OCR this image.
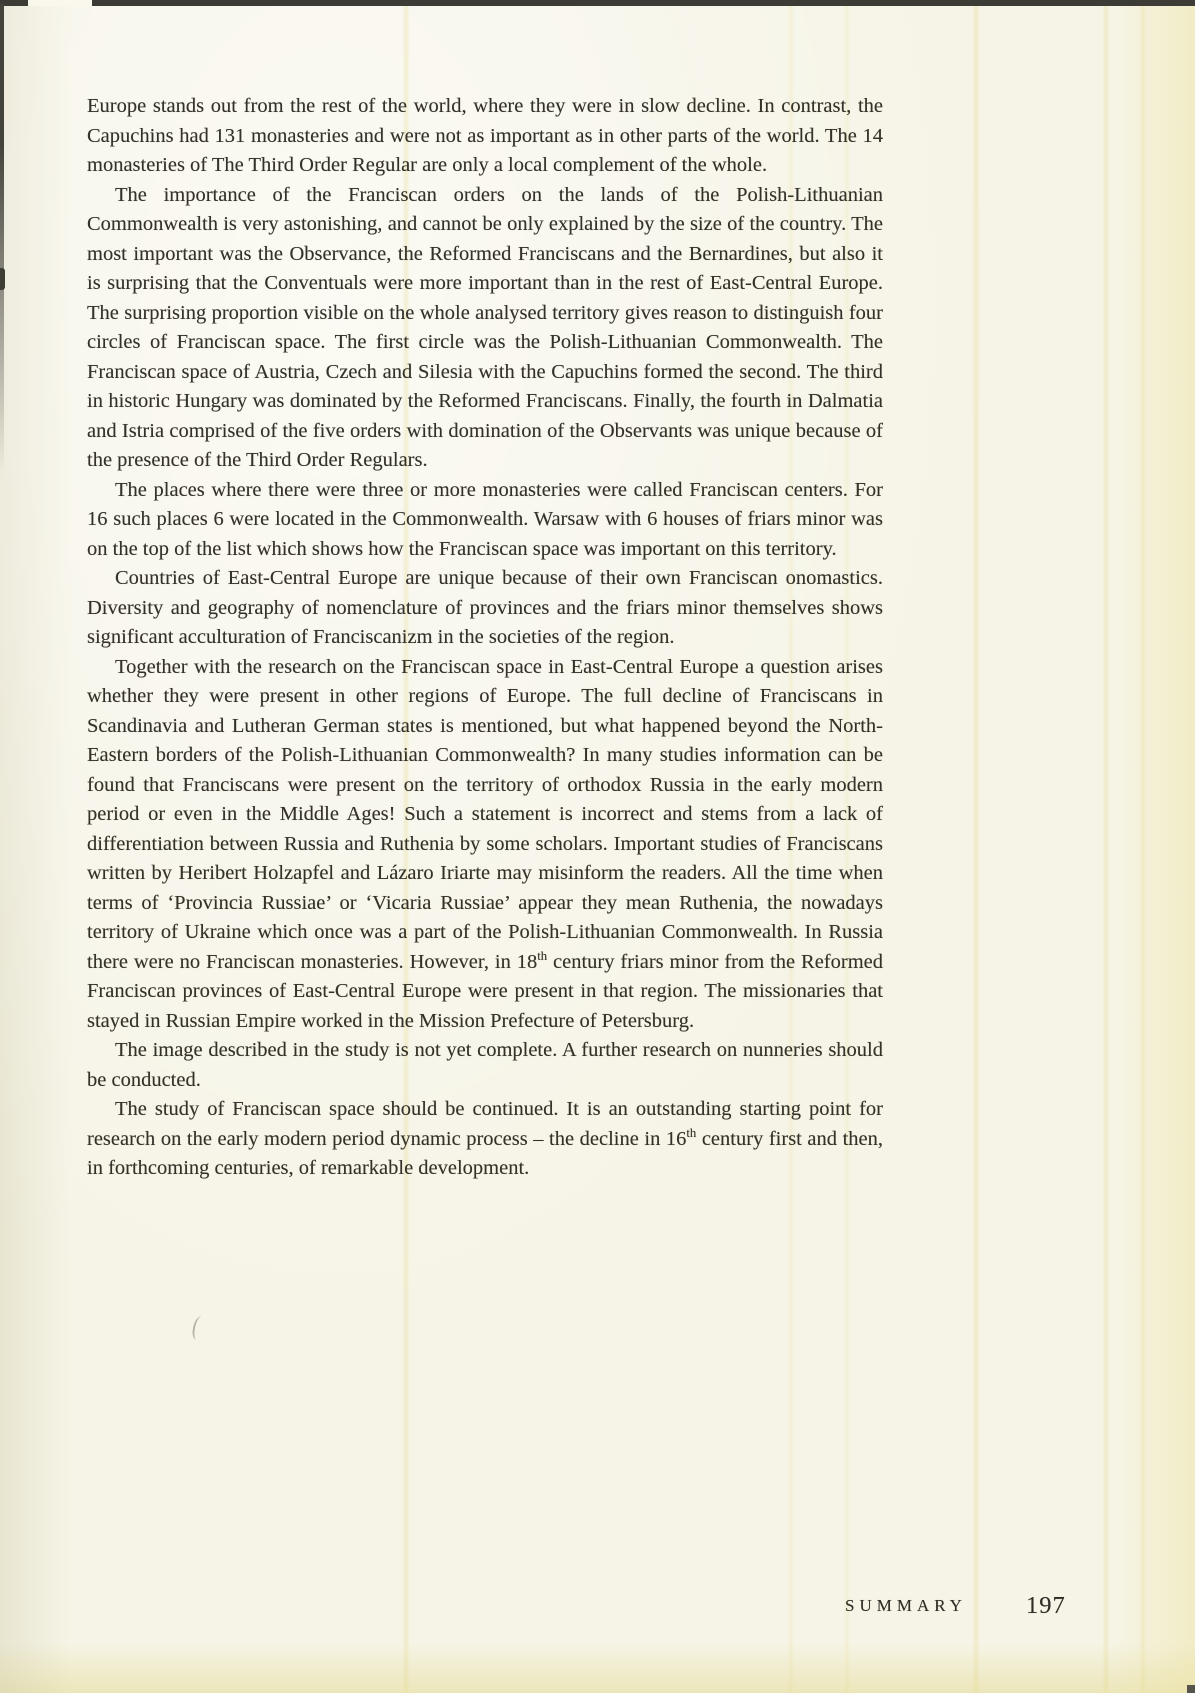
Europe stands out from the rest of the world, where they were in slow decline. In contrast, the Capuchins had 131 monasteries and were not as important as in other parts of the world. The 14 monasteries of The Third Order Regular are only a local complement of the whole.

The importance of the Franciscan orders on the lands of the Polish-Lithuanian Commonwealth is very astonishing, and cannot be only explained by the size of the country. The most important was the Observance, the Reformed Franciscans and the Bernardines, but also it is surprising that the Conventuals were more important than in the rest of East-Central Europe. The surprising proportion visible on the whole analysed territory gives reason to distinguish four circles of Franciscan space. The first circle was the Polish-Lithuanian Commonwealth. The Franciscan space of Austria, Czech and Silesia with the Capuchins formed the second. The third in historic Hungary was dominated by the Reformed Franciscans. Finally, the fourth in Dalmatia and Istria comprised of the five orders with domination of the Observants was unique because of the presence of the Third Order Regulars.

The places where there were three or more monasteries were called Franciscan centers. For 16 such places 6 were located in the Commonwealth. Warsaw with 6 houses of friars minor was on the top of the list which shows how the Franciscan space was important on this territory.

Countries of East-Central Europe are unique because of their own Franciscan onomastics. Diversity and geography of nomenclature of provinces and the friars minor themselves shows significant acculturation of Franciscanizm in the societies of the region.

Together with the research on the Franciscan space in East-Central Europe a question arises whether they were present in other regions of Europe. The full decline of Franciscans in Scandinavia and Lutheran German states is mentioned, but what happened beyond the North-Eastern borders of the Polish-Lithuanian Commonwealth? In many studies information can be found that Franciscans were present on the territory of orthodox Russia in the early modern period or even in the Middle Ages! Such a statement is incorrect and stems from a lack of differentiation between Russia and Ruthenia by some scholars. Important studies of Franciscans written by Heribert Holzapfel and Lázaro Iriarte may misinform the readers. All the time when terms of ‘Provincia Russiae’ or ‘Vicaria Russiae’ appear they mean Ruthenia, the nowadays territory of Ukraine which once was a part of the Polish-Lithuanian Commonwealth. In Russia there were no Franciscan monasteries. However, in 18th century friars minor from the Reformed Franciscan provinces of East-Central Europe were present in that region. The missionaries that stayed in Russian Empire worked in the Mission Prefecture of Petersburg.

The image described in the study is not yet complete. A further research on nunneries should be conducted.

The study of Franciscan space should be continued. It is an outstanding starting point for research on the early modern period dynamic process – the decline in 16th century first and then, in forthcoming centuries, of remarkable development.

SUMMARY 197
